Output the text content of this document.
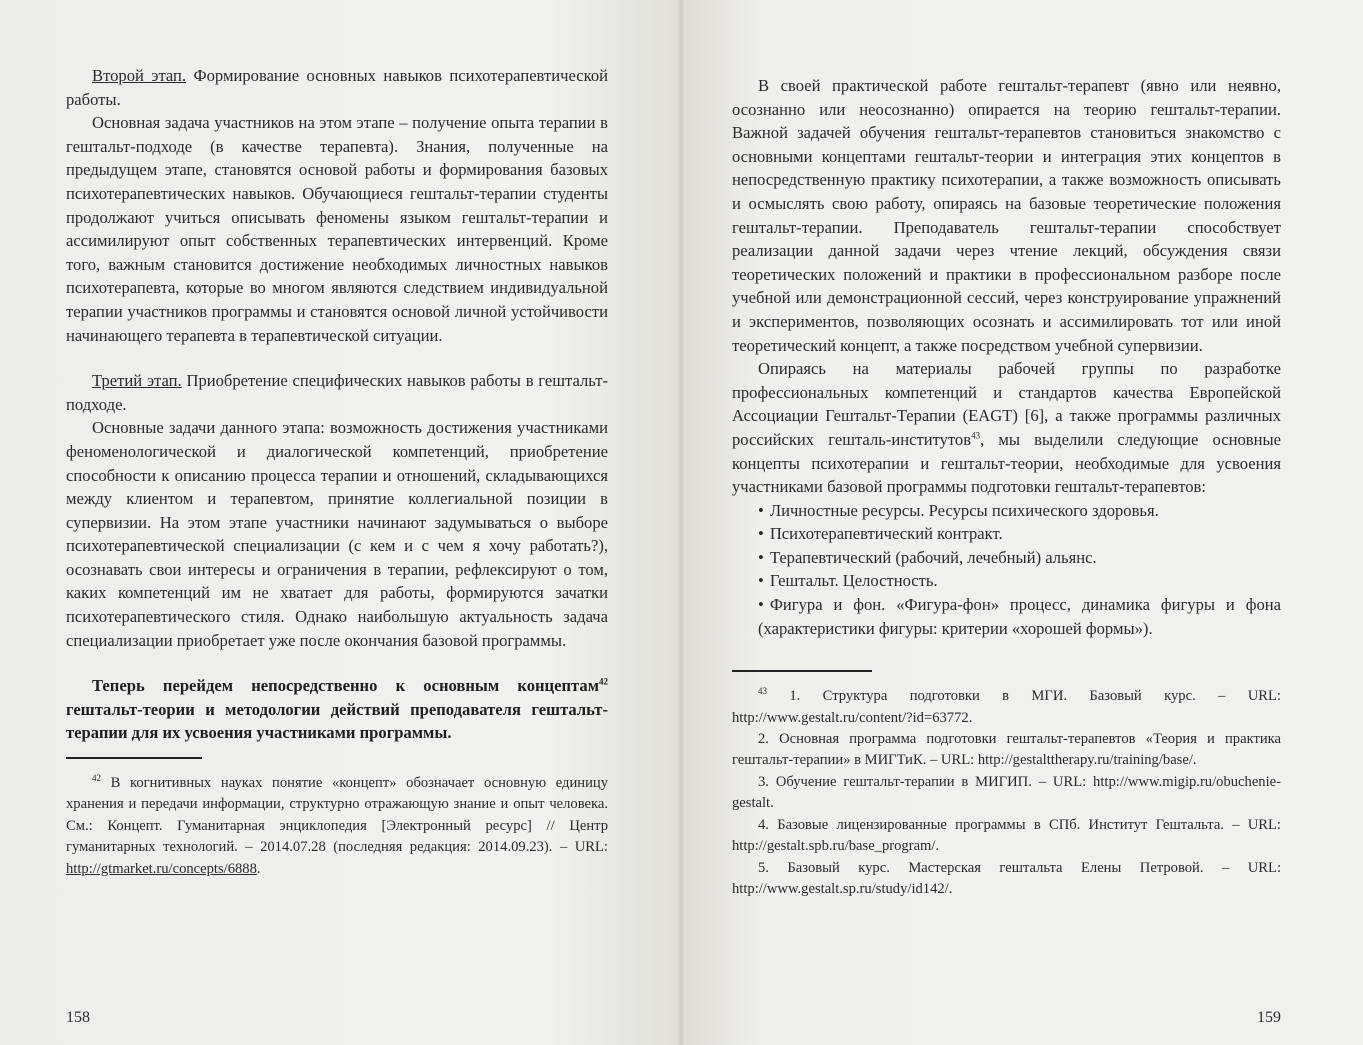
Второй этап. Формирование основных навыков психотерапевтической работы.

Основная задача участников на этом этапе – получение опыта терапии в гештальт-подходе (в качестве терапевта). Знания, полученные на предыдущем этапе, становятся основой работы и формирования базовых психотерапевтических навыков. Обучающиеся гештальт-терапии студенты продолжают учиться описывать феномены языком гештальт-терапии и ассимилируют опыт собственных терапевтических интервенций. Кроме того, важным становится достижение необходимых личностных навыков психотерапевта, которые во многом являются следствием индивидуальной терапии участников программы и становятся основой личной устойчивости начинающего терапевта в терапевтической ситуации.

Третий этап. Приобретение специфических навыков работы в гештальт-подходе.

Основные задачи данного этапа: возможность достижения участниками феноменологической и диалогической компетенций, приобретение способности к описанию процесса терапии и отношений, складывающихся между клиентом и терапевтом, принятие коллегиальной позиции в супервизии. На этом этапе участники начинают задумываться о выборе психотерапевтической специализации (с кем и с чем я хочу работать?), осознавать свои интересы и ограничения в терапии, рефлексируют о том, каких компетенций им не хватает для работы, формируются зачатки психотерапевтического стиля. Однако наибольшую актуальность задача специализации приобретает уже после окончания базовой программы.

Теперь перейдем непосредственно к основным концептам$^{42}$ гештальт-теории и методологии действий преподавателя гештальт-терапии для их усвоения участниками программы.

$^{42}$ В когнитивных науках понятие «концепт» обозначает основную единицу хранения и передачи информации, структурно отражающую знание и опыт человека. См.: Концепт. Гуманитарная энциклопедия [Электронный ресурс] // Центр гуманитарных технологий. – 2014.07.28 (последняя редакция: 2014.09.23). – URL: http://gtmarket.ru/concepts/6888.

158

В своей практической работе гештальт-терапевт (явно или неявно, осознанно или неосознанно) опирается на теорию гештальт-терапии. Важной задачей обучения гештальт-терапевтов становиться знакомство с основными концептами гештальт-теории и интеграция этих концептов в непосредственную практику психотерапии, а также возможность описывать и осмыслять свою работу, опираясь на базовые теоретические положения гештальт-терапии. Преподаватель гештальт-терапии способствует реализации данной задачи через чтение лекций, обсуждения связи теоретических положений и практики в профессиональном разборе после учебной или демонстрационной сессий, через конструирование упражнений и экспериментов, позволяющих осознать и ассимилировать тот или иной теоретический концепт, а также посредством учебной супервизии.

Опираясь на материалы рабочей группы по разработке профессиональных компетенций и стандартов качества Европейской Ассоциации Гештальт-Терапии (EAGT) [6], а также программы различных российских гешталь-институтов$^{43}$, мы выделили следующие основные концепты психотерапии и гештальт-теории, необходимые для усвоения участниками базовой программы подготовки гештальт-терапевтов:

• Личностные ресурсы. Ресурсы психического здоровья.
• Психотерапевтический контракт.
• Терапевтический (рабочий, лечебный) альянс.
• Гештальт. Целостность.
• Фигура и фон. «Фигура-фон» процесс, динамика фигуры и фона (характеристики фигуры: критерии «хорошей формы»).

$^{43}$ 1. Структура подготовки в МГИ. Базовый курс. – URL: http://www.gestalt.ru/content/?id=63772.

2. Основная программа подготовки гештальт-терапевтов «Теория и практика гештальт-терапии» в МИГТиК. – URL: http://gestalttherapy.ru/training/base/.

3. Обучение гештальт-терапии в МИГИП. – URL: http://www.migip.ru/obuchenie-gestalt.

4. Базовые лицензированные программы в СПб. Институт Гештальта. – URL: http://gestalt.spb.ru/base_program/.

5. Базовый курс. Мастерская гештальта Елены Петровой. – URL: http://www.gestalt.sp.ru/study/id142/.

159
